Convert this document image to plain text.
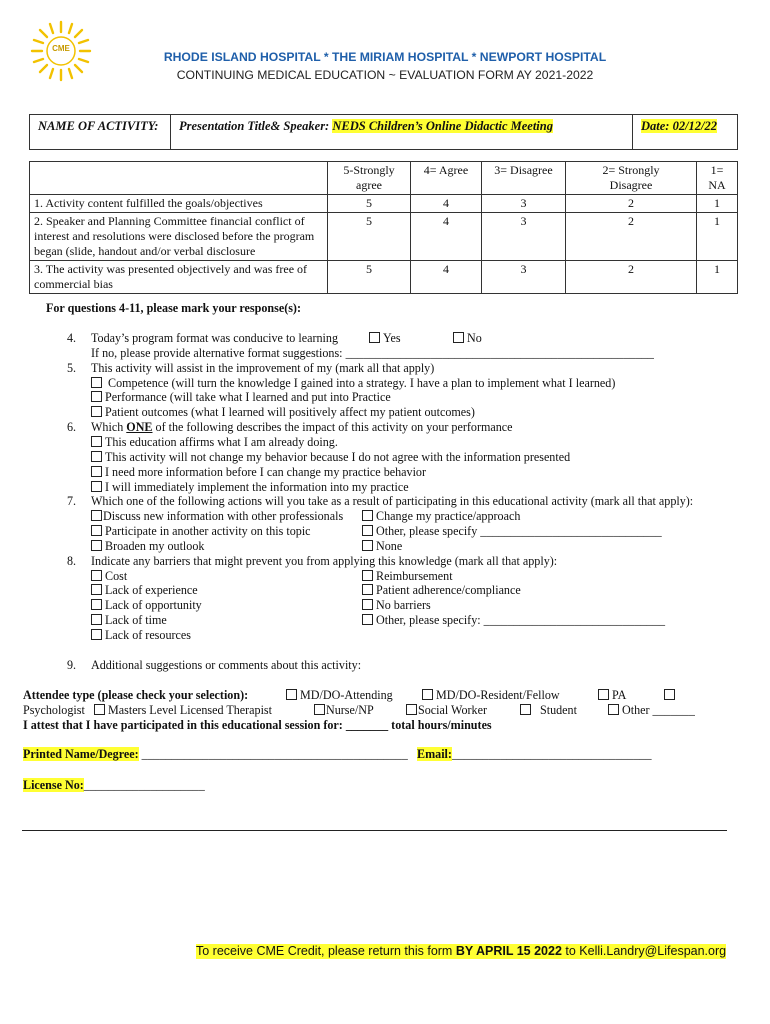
CME
RHODE ISLAND HOSPITAL * THE MIRIAM HOSPITAL * NEWPORT HOSPITAL
CONTINUING MEDICAL EDUCATION ~ EVALUATION FORM AY 2021-2022
NAME OF ACTIVITY:	Presentation Title& Speaker: NEDS Children’s Online Didactic Meeting	Date: 02/12/22
	5-Strongly agree	4= Agree	3= Disagree	2= Strongly Disagree	1= NA
1. Activity content fulfilled the goals/objectives	5	4	3	2	1
2. Speaker and Planning Committee financial conflict of interest and resolutions were disclosed before the program began (slide, handout and/or verbal disclosure	5	4	3	2	1
3. The activity was presented objectively and was free of commercial bias	5	4	3	2	1
For questions 4-11, please mark your response(s):
4. Today’s program format was conducive to learning	Yes	No
If no, please provide alternative format suggestions: ___________________________________________________
5. This activity will assist in the improvement of my (mark all that apply)
Competence (will turn the knowledge I gained into a strategy. I have a plan to implement what I learned)
Performance (will take what I learned and put into Practice
Patient outcomes (what I learned will positively affect my patient outcomes)
6. Which ONE of the following describes the impact of this activity on your performance
This education affirms what I am already doing.
This activity will not change my behavior because I do not agree with the information presented
I need more information before I can change my practice behavior
I will immediately implement the information into my practice
7. Which one of the following actions will you take as a result of participating in this educational activity (mark all that apply):
Discuss new information with other professionals
Participate in another activity on this topic
Broaden my outlook
Change my practice/approach
Other, please specify ______________________________
None
8. Indicate any barriers that might prevent you from applying this knowledge (mark all that apply):
Cost
Lack of experience
Lack of opportunity
Lack of time
Lack of resources
Reimbursement
Patient adherence/compliance
No barriers
Other, please specify: ______________________________
9. Additional suggestions or comments about this activity:
Attendee type (please check your selection):	MD/DO-Attending	MD/DO-Resident/Fellow	PA
Psychologist	Masters Level Licensed Therapist	Nurse/NP	Social Worker	Student	Other _______
I attest that I have participated in this educational session for: _______ total hours/minutes
Printed Name/Degree: ____________________________________________ Email:_________________________________
License No:____________________
To receive CME Credit, please return this form BY APRIL 15 2022 to Kelli.Landry@Lifespan.org
